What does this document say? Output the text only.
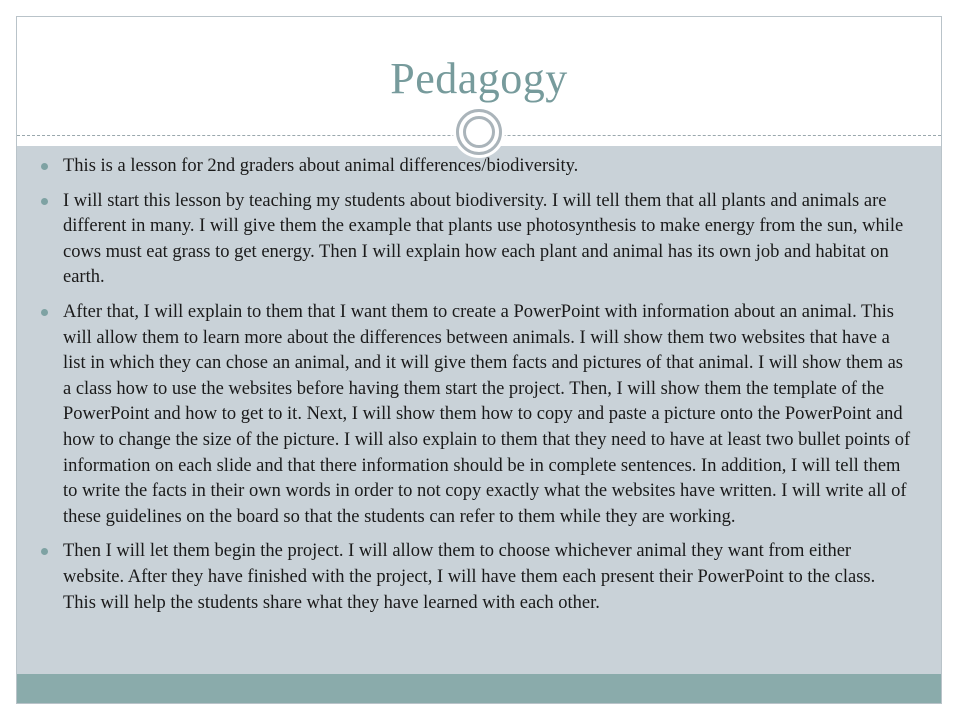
Pedagogy
This is a lesson for 2nd graders about animal differences/biodiversity.
I will start this lesson by teaching my students about biodiversity. I will tell them that all plants and animals are different in many. I will give them the example that plants use photosynthesis to make energy from the sun, while cows must eat grass to get energy. Then I will explain how each plant and animal has its own job and habitat on earth.
After that, I will explain to them that I want them to create a PowerPoint with information about an animal. This will allow them to learn more about the differences between animals. I will show them two websites that have a list in which they can chose an animal, and it will give them facts and pictures of that animal. I will show them as a class how to use the websites before having them start the project. Then, I will show them the template of the PowerPoint and how to get to it. Next, I will show them how to copy and paste a picture onto the PowerPoint and how to change the size of the picture. I will also explain to them that they need to have at least two bullet points of information on each slide and that there information should be in complete sentences. In addition, I will tell them to write the facts in their own words in order to not copy exactly what the websites have written. I will write all of these guidelines on the board so that the students can refer to them while they are working.
Then I will let them begin the project. I will allow them to choose whichever animal they want from either website. After they have finished with the project, I will have them each present their PowerPoint to the class. This will help the students share what they have learned with each other.
